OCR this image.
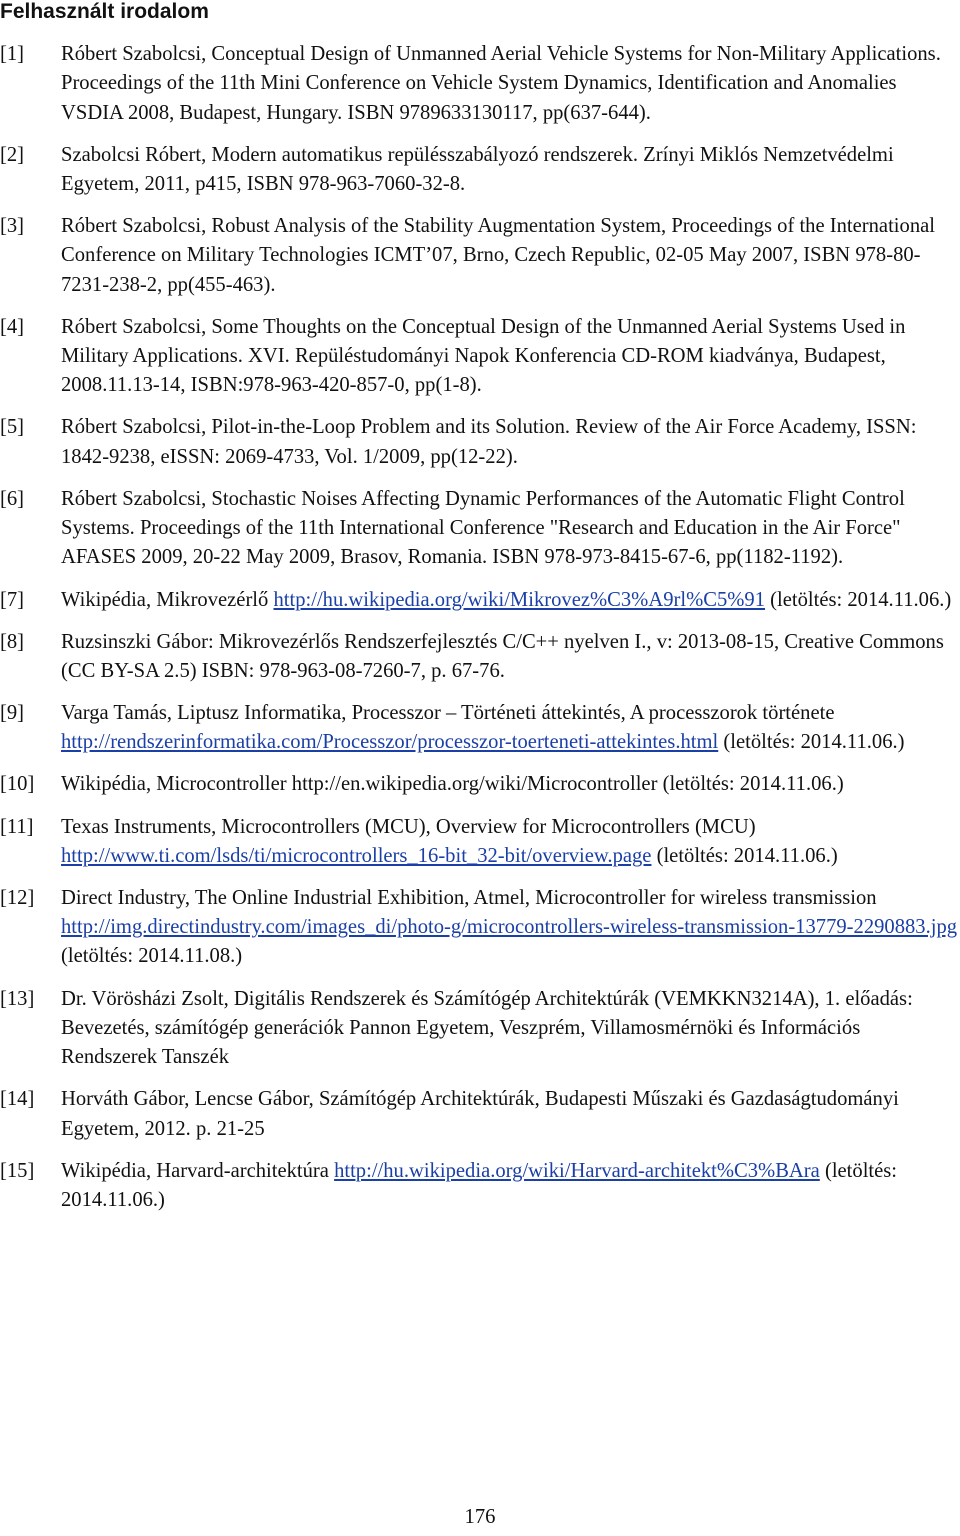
Felhasznált irodalom
[1] Róbert Szabolcsi, Conceptual Design of Unmanned Aerial Vehicle Systems for Non-Military Applications. Proceedings of the 11th Mini Conference on Vehicle System Dynamics, Identification and Anomalies VSDIA 2008, Budapest, Hungary. ISBN 9789633130117, pp(637-644).
[2] Szabolcsi Róbert, Modern automatikus repülésszabályozó rendszerek. Zrínyi Miklós Nemzetvédelmi Egyetem, 2011, p415, ISBN 978-963-7060-32-8.
[3] Róbert Szabolcsi, Robust Analysis of the Stability Augmentation System, Proceedings of the International Conference on Military Technologies ICMT’07, Brno, Czech Republic, 02-05 May 2007, ISBN 978-80-7231-238-2, pp(455-463).
[4] Róbert Szabolcsi, Some Thoughts on the Conceptual Design of the Unmanned Aerial Systems Used in Military Applications. XVI. Repüléstudományi Napok Konferencia CD-ROM kiadványa, Budapest, 2008.11.13-14, ISBN:978-963-420-857-0, pp(1-8).
[5] Róbert Szabolcsi, Pilot-in-the-Loop Problem and its Solution. Review of the Air Force Academy, ISSN: 1842-9238, eISSN: 2069-4733, Vol. 1/2009, pp(12-22).
[6] Róbert Szabolcsi, Stochastic Noises Affecting Dynamic Performances of the Automatic Flight Control Systems. Proceedings of the 11th International Conference "Research and Education in the Air Force" AFASES 2009, 20-22 May 2009, Brasov, Romania. ISBN 978-973-8415-67-6, pp(1182-1192).
[7] Wikipédia, Mikrovezérlő http://hu.wikipedia.org/wiki/Mikrovez%C3%A9rl%C5%91 (letöltés: 2014.11.06.)
[8] Ruzsinszki Gábor: Mikrovezérlős Rendszerfejlesztés C/C++ nyelven I., v: 2013-08-15, Creative Commons (CC BY-SA 2.5) ISBN: 978-963-08-7260-7, p. 67-76.
[9] Varga Tamás, Liptusz Informatika, Processzor – Történeti áttekintés, A processzorok története http://rendszerinformatika.com/Processzor/processzor-toerteneti-attekintes.html (letöltés: 2014.11.06.)
[10] Wikipédia, Microcontroller http://en.wikipedia.org/wiki/Microcontroller (letöltés: 2014.11.06.)
[11] Texas Instruments, Microcontrollers (MCU), Overview for Microcontrollers (MCU) http://www.ti.com/lsds/ti/microcontrollers_16-bit_32-bit/overview.page (letöltés: 2014.11.06.)
[12] Direct Industry, The Online Industrial Exhibition, Atmel, Microcontroller for wireless transmission http://img.directindustry.com/images_di/photo-g/microcontrollers-wireless-transmission-13779-2290883.jpg (letöltés: 2014.11.08.)
[13] Dr. Vörösházi Zsolt, Digitális Rendszerek és Számítógép Architektúrák (VEMKKN3214A), 1. előadás: Bevezetés, számítógép generációk Pannon Egyetem, Veszprém, Villamosmérnöki és Információs Rendszerek Tanszék
[14] Horváth Gábor, Lencse Gábor, Számítógép Architektúrák, Budapesti Műszaki és Gazdaságtudományi Egyetem, 2012. p. 21-25
[15] Wikipédia, Harvard-architektúra http://hu.wikipedia.org/wiki/Harvard-architekt%C3%BAra (letöltés: 2014.11.06.)
176
